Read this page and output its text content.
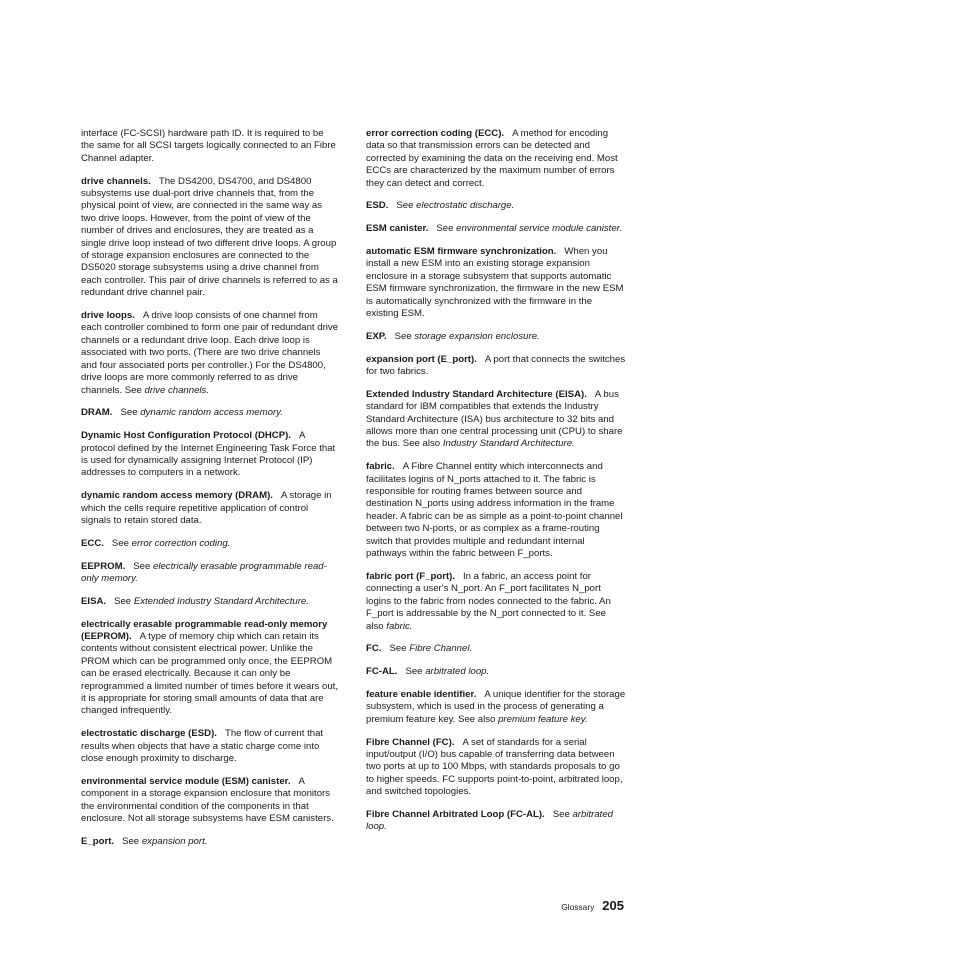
interface (FC-SCSI) hardware path ID. It is required to be the same for all SCSI targets logically connected to an Fibre Channel adapter.

drive channels. The DS4200, DS4700, and DS4800 subsystems use dual-port drive channels that, from the physical point of view, are connected in the same way as two drive loops. However, from the point of view of the number of drives and enclosures, they are treated as a single drive loop instead of two different drive loops. A group of storage expansion enclosures are connected to the DS5020 storage subsystems using a drive channel from each controller. This pair of drive channels is referred to as a redundant drive channel pair.

drive loops. A drive loop consists of one channel from each controller combined to form one pair of redundant drive channels or a redundant drive loop. Each drive loop is associated with two ports. (There are two drive channels and four associated ports per controller.) For the DS4800, drive loops are more commonly referred to as drive channels. See drive channels.

DRAM. See dynamic random access memory.

Dynamic Host Configuration Protocol (DHCP). A protocol defined by the Internet Engineering Task Force that is used for dynamically assigning Internet Protocol (IP) addresses to computers in a network.

dynamic random access memory (DRAM). A storage in which the cells require repetitive application of control signals to retain stored data.

ECC. See error correction coding.

EEPROM. See electrically erasable programmable read-only memory.

EISA. See Extended Industry Standard Architecture.

electrically erasable programmable read-only memory (EEPROM). A type of memory chip which can retain its contents without consistent electrical power. Unlike the PROM which can be programmed only once, the EEPROM can be erased electrically. Because it can only be reprogrammed a limited number of times before it wears out, it is appropriate for storing small amounts of data that are changed infrequently.

electrostatic discharge (ESD). The flow of current that results when objects that have a static charge come into close enough proximity to discharge.

environmental service module (ESM) canister. A component in a storage expansion enclosure that monitors the environmental condition of the components in that enclosure. Not all storage subsystems have ESM canisters.

E_port. See expansion port.

error correction coding (ECC). A method for encoding data so that transmission errors can be detected and corrected by examining the data on the receiving end. Most ECCs are characterized by the maximum number of errors they can detect and correct.

ESD. See electrostatic discharge.

ESM canister. See environmental service module canister.

automatic ESM firmware synchronization. When you install a new ESM into an existing storage expansion enclosure in a storage subsystem that supports automatic ESM firmware synchronization, the firmware in the new ESM is automatically synchronized with the firmware in the existing ESM.

EXP. See storage expansion enclosure.

expansion port (E_port). A port that connects the switches for two fabrics.

Extended Industry Standard Architecture (EISA). A bus standard for IBM compatibles that extends the Industry Standard Architecture (ISA) bus architecture to 32 bits and allows more than one central processing unit (CPU) to share the bus. See also Industry Standard Architecture.

fabric. A Fibre Channel entity which interconnects and facilitates logins of N_ports attached to it. The fabric is responsible for routing frames between source and destination N_ports using address information in the frame header. A fabric can be as simple as a point-to-point channel between two N-ports, or as complex as a frame-routing switch that provides multiple and redundant internal pathways within the fabric between F_ports.

fabric port (F_port). In a fabric, an access point for connecting a user's N_port. An F_port facilitates N_port logins to the fabric from nodes connected to the fabric. An F_port is addressable by the N_port connected to it. See also fabric.

FC. See Fibre Channel.

FC-AL. See arbitrated loop.

feature enable identifier. A unique identifier for the storage subsystem, which is used in the process of generating a premium feature key. See also premium feature key.

Fibre Channel (FC). A set of standards for a serial input/output (I/O) bus capable of transferring data between two ports at up to 100 Mbps, with standards proposals to go to higher speeds. FC supports point-to-point, arbitrated loop, and switched topologies.

Fibre Channel Arbitrated Loop (FC-AL). See arbitrated loop.

Glossary 205
